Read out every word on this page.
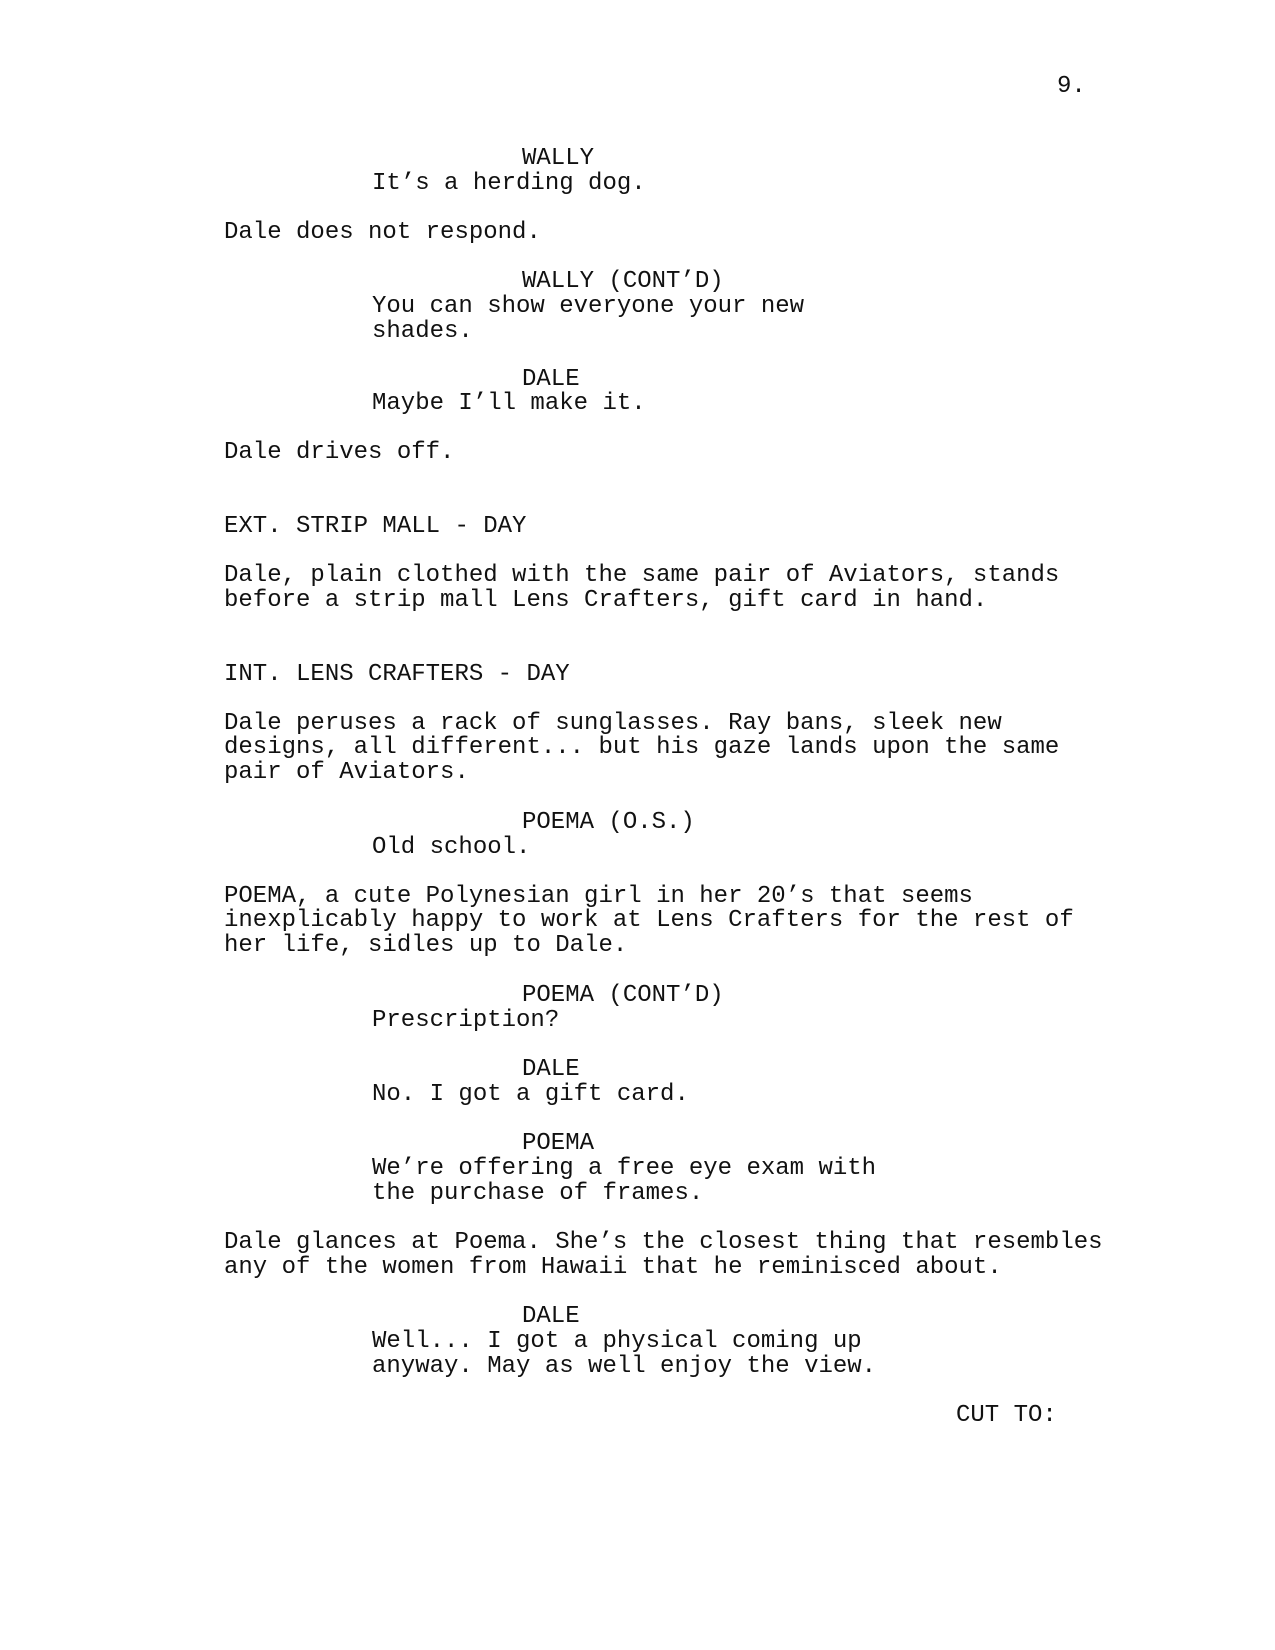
9.
WALLY
It’s a herding dog.
Dale does not respond.
WALLY (CONT’D)
You can show everyone your new
shades.
DALE
Maybe I’ll make it.
Dale drives off.
EXT. STRIP MALL - DAY
Dale, plain clothed with the same pair of Aviators, stands
before a strip mall Lens Crafters, gift card in hand.
INT. LENS CRAFTERS - DAY
Dale peruses a rack of sunglasses. Ray bans, sleek new
designs, all different... but his gaze lands upon the same
pair of Aviators.
POEMA (O.S.)
Old school.
POEMA, a cute Polynesian girl in her 20’s that seems
inexplicably happy to work at Lens Crafters for the rest of
her life, sidles up to Dale.
POEMA (CONT’D)
Prescription?
DALE
No. I got a gift card.
POEMA
We’re offering a free eye exam with
the purchase of frames.
Dale glances at Poema. She’s the closest thing that resembles
any of the women from Hawaii that he reminisced about.
DALE
Well... I got a physical coming up
anyway. May as well enjoy the view.
CUT TO:
